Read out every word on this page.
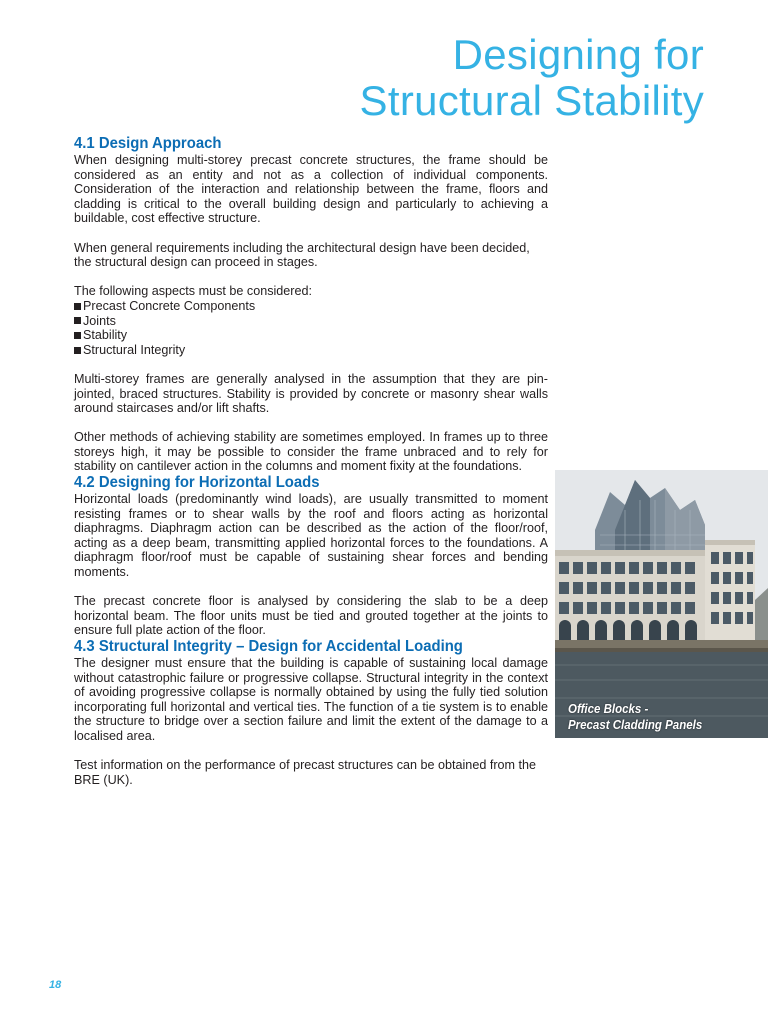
Designing for
Structural Stability
4.1 Design Approach

When designing multi-storey precast concrete structures, the frame should be considered as an entity and not as a collection of individual components. Consideration of the interaction and relationship between the frame, floors and cladding is critical to the overall building design and particularly to achieving a buildable, cost effective structure.

When general requirements including the architectural design have been decided, the structural design can proceed in stages.

The following aspects must be considered:

Precast Concrete Components
Joints
Stability
Structural Integrity

Multi-storey frames are generally analysed in the assumption that they are pin-jointed, braced structures. Stability is provided by concrete or masonry shear walls around staircases and/or lift shafts.

Other methods of achieving stability are sometimes employed. In frames up to three storeys high, it may be possible to consider the frame unbraced and to rely for stability on cantilever action in the columns and moment fixity at the foundations.

4.2 Designing for Horizontal Loads

Horizontal loads (predominantly wind loads), are usually transmitted to moment resisting frames or to shear walls by the roof and floors acting as horizontal diaphragms. Diaphragm action can be described as the action of the floor/roof, acting as a deep beam, transmitting applied horizontal forces to the foundations. A diaphragm floor/roof must be capable of sustaining shear forces and bending moments.

The precast concrete floor is analysed by considering the slab to be a deep horizontal beam. The floor units must be tied and grouted together at the joints to ensure full plate action of the floor.

4.3 Structural Integrity – Design for Accidental Loading

The designer must ensure that the building is capable of sustaining local damage without catastrophic failure or progressive collapse. Structural integrity in the context of avoiding progressive collapse is normally obtained by using the fully tied solution incorporating full horizontal and vertical ties. The function of a tie system is to enable the structure to bridge over a section failure and limit the extent of the damage to a localised area.

Test information on the performance of precast structures can be obtained from the BRE (UK).

Office Blocks -
Precast Cladding Panels
18
